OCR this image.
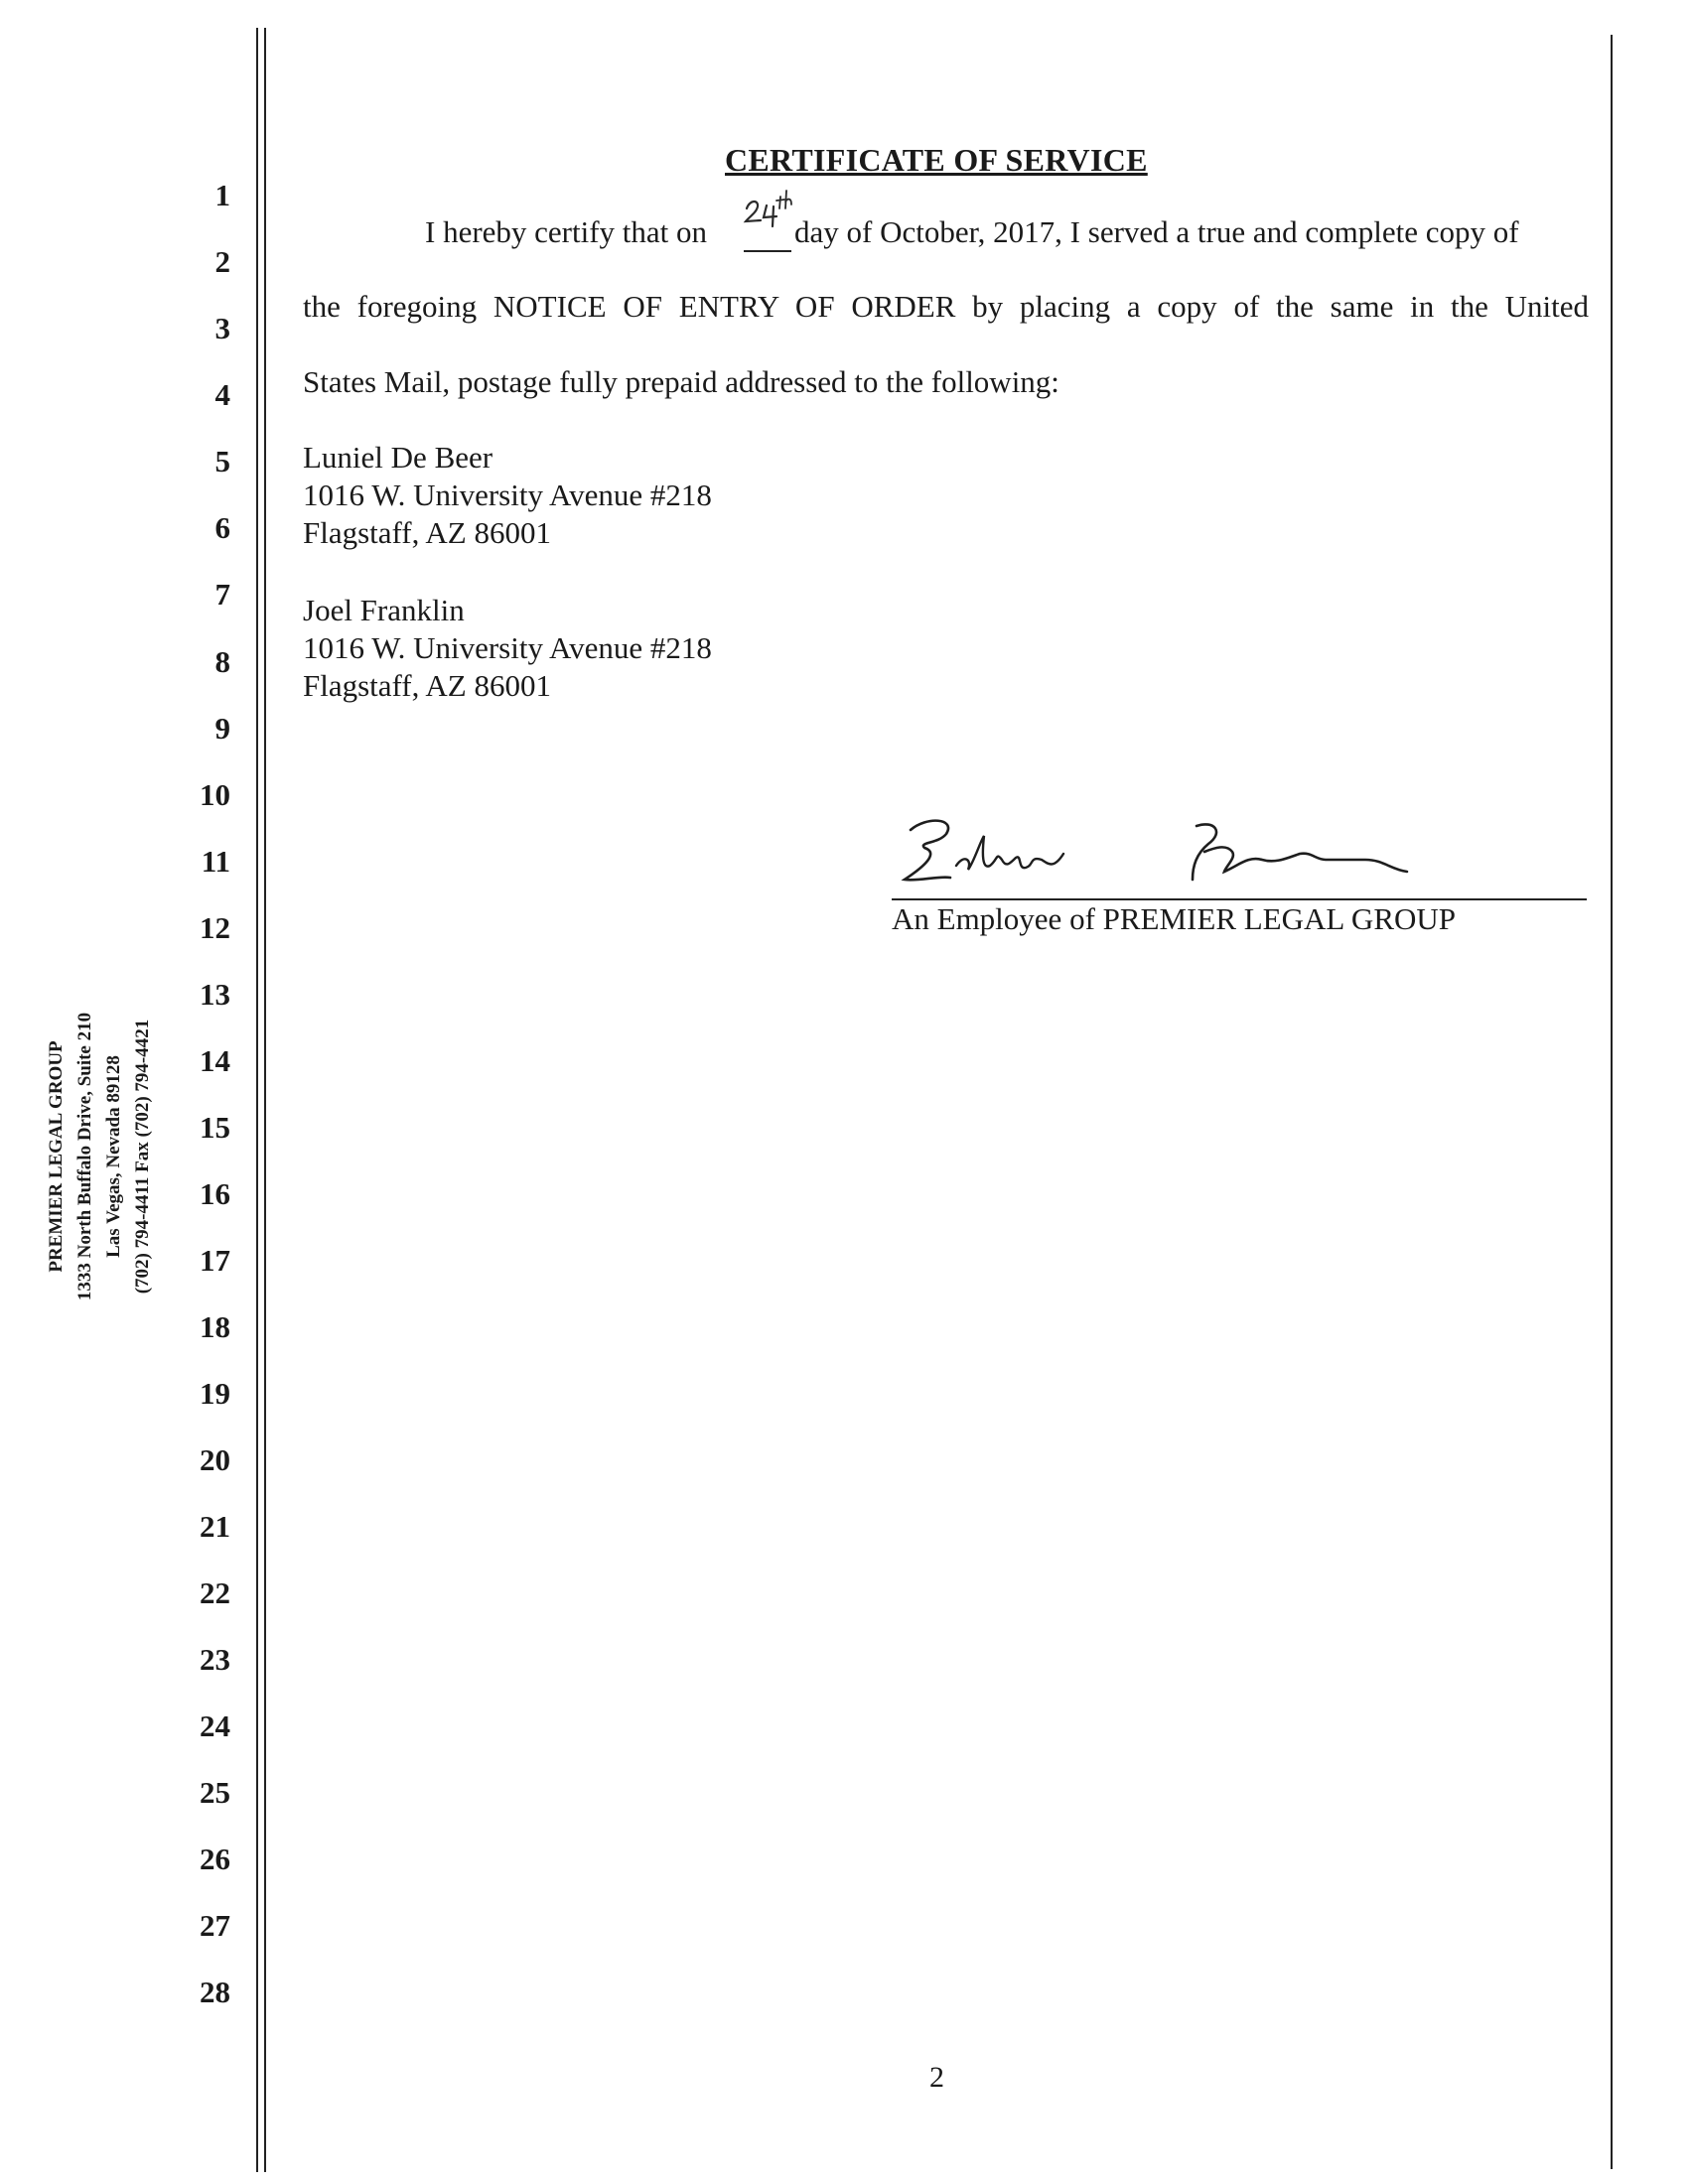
PREMIER LEGAL GROUP 1333 North Buffalo Drive, Suite 210 Las Vegas, Nevada 89128 (702) 794-4411 Fax (702) 794-4421
1
2
3
4
5
6
7
8
9
10
11
12
13
14
15
16
17
18
19
20
21
22
23
24
25
26
27
28
CERTIFICATE OF SERVICE
I hereby certify that on	day of October, 2017, I served a true and complete copy of
the foregoing NOTICE OF ENTRY OF ORDER by placing a copy of the same in the United
States Mail, postage fully prepaid addressed to the following:
Luniel De Beer
1016 W. University Avenue #218
Flagstaff, AZ 86001
Joel Franklin
1016 W. University Avenue #218
Flagstaff, AZ 86001
An Employee of PREMIER LEGAL GROUP
2
